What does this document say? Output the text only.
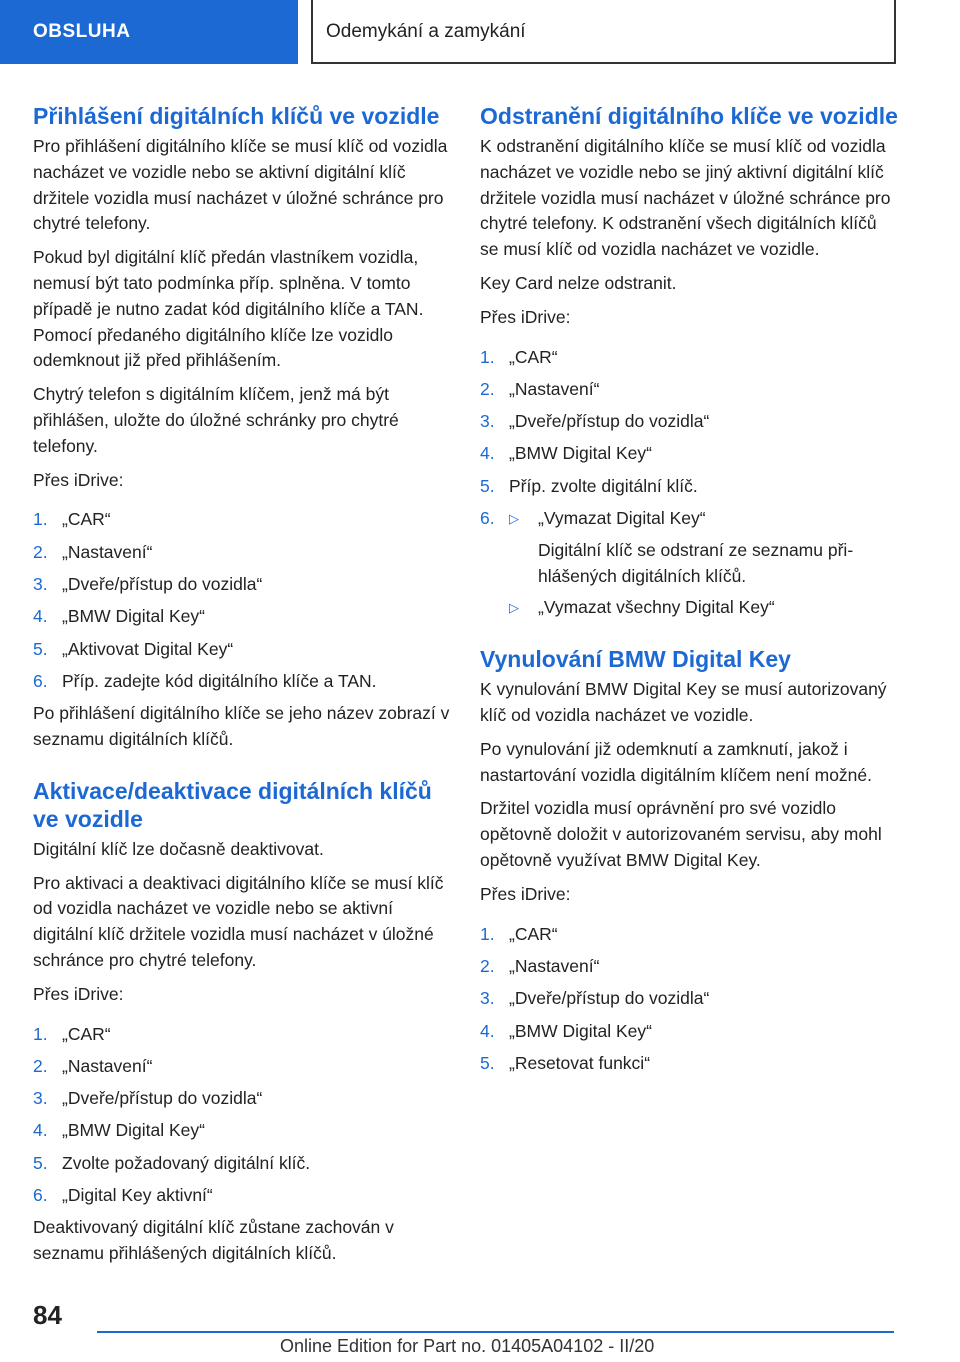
OBSLUHA	Odemykání a zamykání
Přihlášení digitálních klíčů ve vozidle

Pro přihlášení digitálního klíče se musí klíč od vozidla nacházet ve vozidle nebo se aktivní digitální klíč držitele vozidla musí nacházet v úložné schránce pro chytré telefony.

Pokud byl digitální klíč předán vlastníkem vozidla, nemusí být tato podmínka příp. splněna. V tomto případě je nutno zadat kód digitálního klíče a TAN. Pomocí předaného digitálního klíče lze vozidlo odemknout již před přihlášením.

Chytrý telefon s digitálním klíčem, jenž má být přihlášen, uložte do úložné schránky pro chytré telefony.

Přes iDrive:

1. „CAR“
2. „Nastavení“
3. „Dveře/přístup do vozidla“
4. „BMW Digital Key“
5. „Aktivovat Digital Key“
6. Příp. zadejte kód digitálního klíče a TAN.

Po přihlášení digitálního klíče se jeho název zobrazí v seznamu digitálních klíčů.

Aktivace/deaktivace digitálních klíčů ve vozidle

Digitální klíč lze dočasně deaktivovat.

Pro aktivaci a deaktivaci digitálního klíče se musí klíč od vozidla nacházet ve vozidle nebo se aktivní digitální klíč držitele vozidla musí nacházet v úložné schránce pro chytré telefony.

Přes iDrive:

1. „CAR“
2. „Nastavení“
3. „Dveře/přístup do vozidla“
4. „BMW Digital Key“
5. Zvolte požadovaný digitální klíč.
6. „Digital Key aktivní“

Deaktivovaný digitální klíč zůstane zachován v seznamu přihlášených digitálních klíčů.

Odstranění digitálního klíče ve vozidle

K odstranění digitálního klíče se musí klíč od vozidla nacházet ve vozidle nebo se jiný aktivní digitální klíč držitele vozidla musí nacházet v úložné schránce pro chytré telefony. K odstranění všech digitálních klíčů se musí klíč od vozidla nacházet ve vozidle.

Key Card nelze odstranit.

Přes iDrive:

1. „CAR“
2. „Nastavení“
3. „Dveře/přístup do vozidla“
4. „BMW Digital Key“
5. Příp. zvolte digitální klíč.
6. ▷ „Vymazat Digital Key“
Digitální klíč se odstraní ze seznamu přihlášených digitálních klíčů.
▷ „Vymazat všechny Digital Key“
Vynulování BMW Digital Key

K vynulování BMW Digital Key se musí autorizovaný klíč od vozidla nacházet ve vozidle.

Po vynulování již odemknutí a zamknutí, jakož i nastartování vozidla digitálním klíčem není možné.

Držitel vozidla musí oprávnění pro své vozidlo opětovně doložit v autorizovaném servisu, aby mohl opětovně využívat BMW Digital Key.

Přes iDrive:

1. „CAR“
2. „Nastavení“
3. „Dveře/přístup do vozidla“
4. „BMW Digital Key“
5. „Resetovat funkci“
84
Online Edition for Part no. 01405A04102 - II/20
